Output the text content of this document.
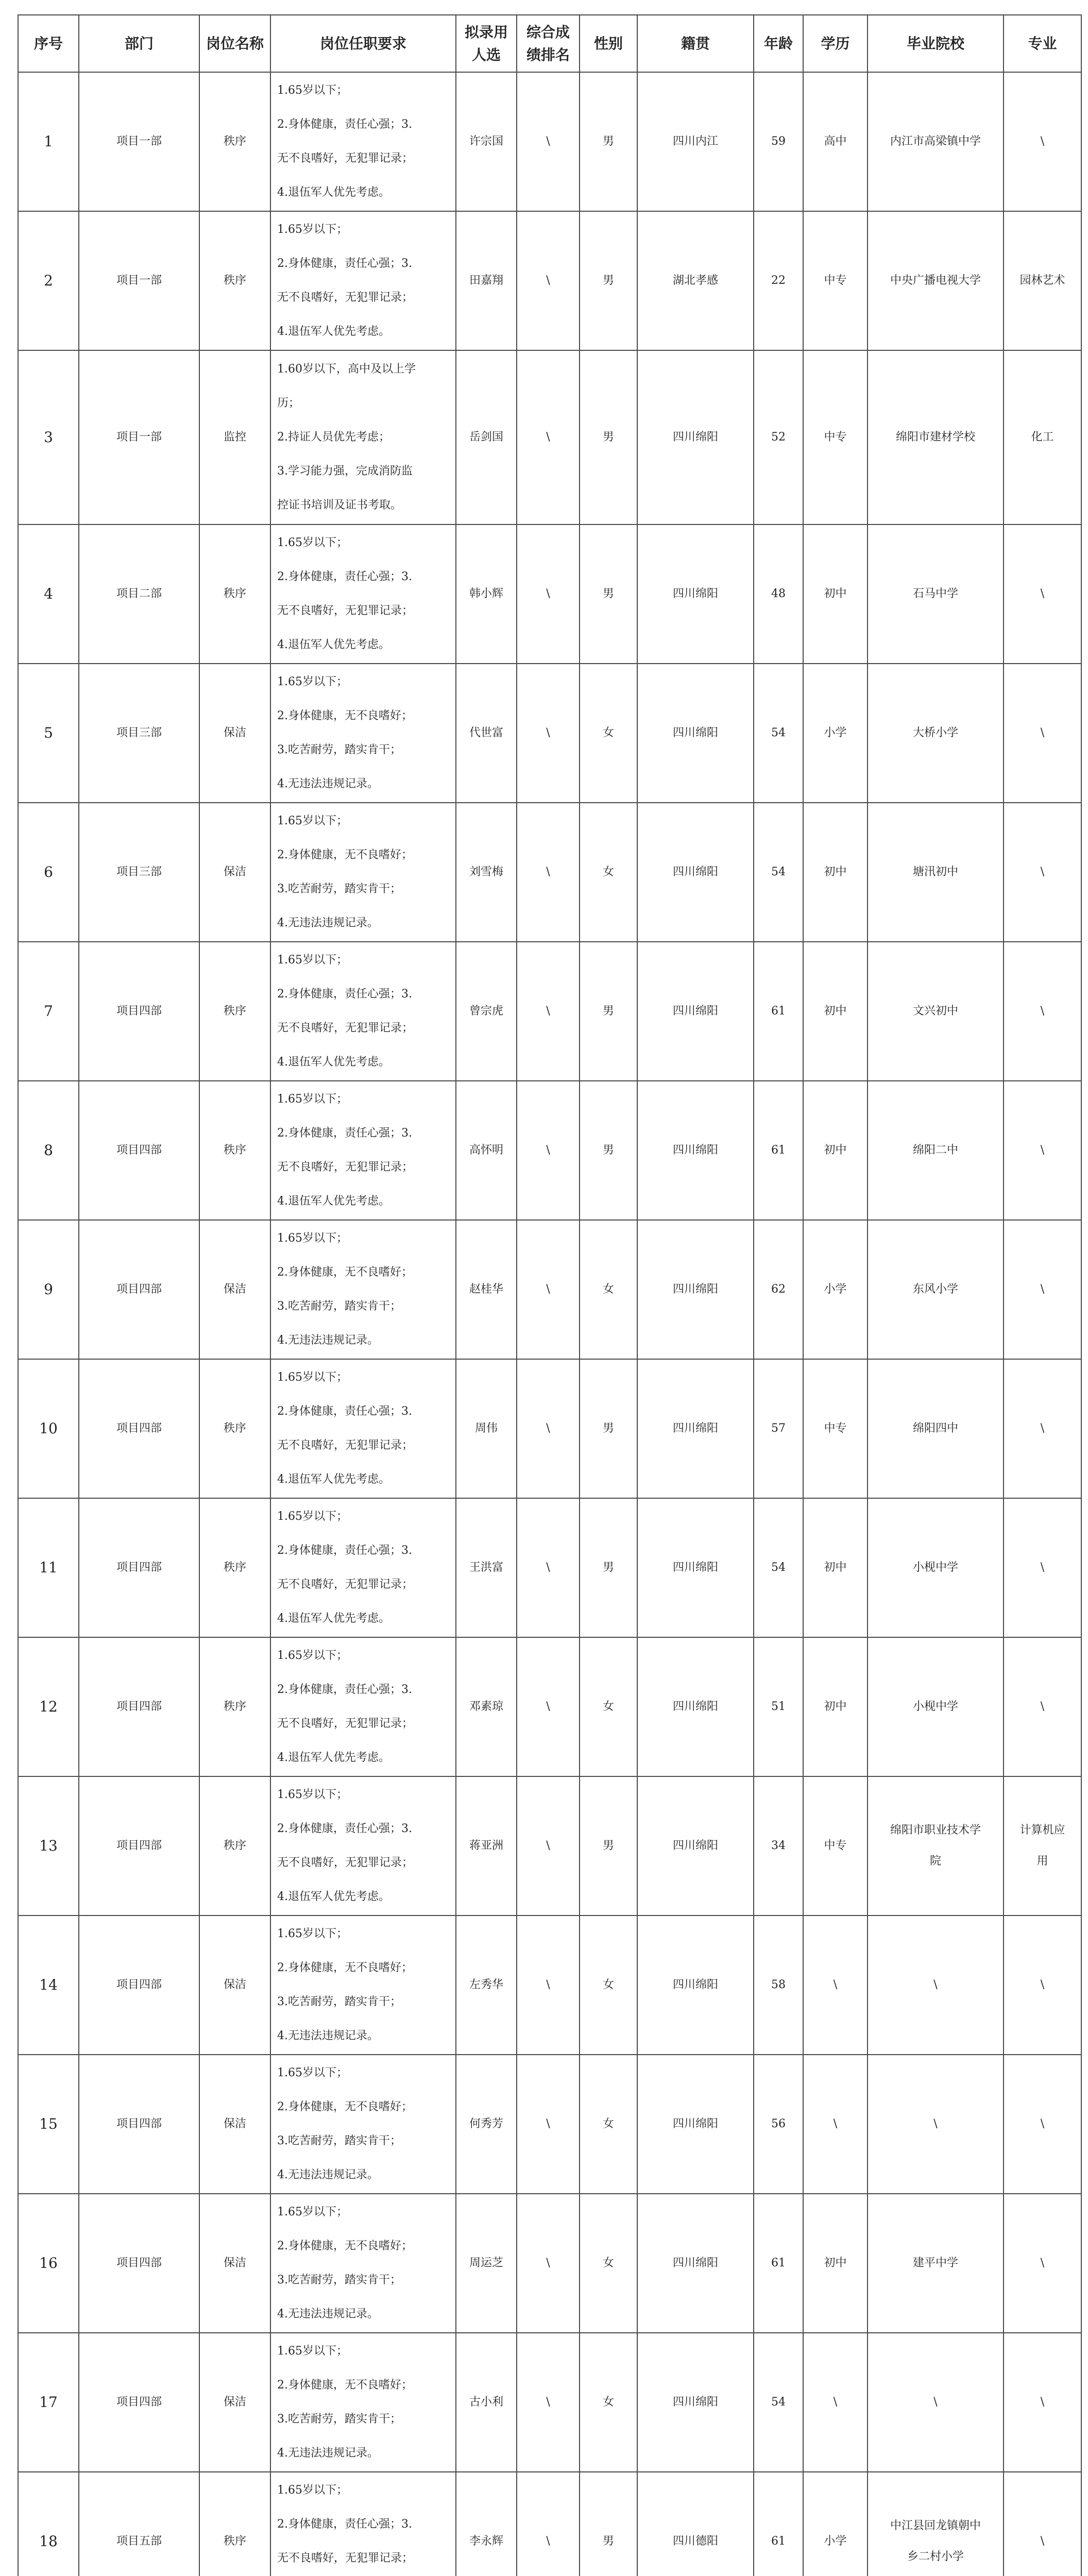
序号	部门	岗位名称	岗位任职要求	拟录用人选	综合成绩排名	性别	籍贯	年龄	学历	毕业院校	专业
1	项目一部	秩序	1.65岁以下；
2.身体健康，责任心强；3.
无不良嗜好，无犯罪记录；
4.退伍军人优先考虑。	许宗国	\	男	四川内江	59	高中	内江市高梁镇中学	\

2	项目一部	秩序	1.65岁以下；
2.身体健康，责任心强；3.
无不良嗜好，无犯罪记录；
4.退伍军人优先考虑。	田嘉翔	\	男	湖北孝感	22	中专	中央广播电视大学	园林艺术

3	项目一部	监控	1.60岁以下，高中及以上学
历；
2.持证人员优先考虑；
3.学习能力强，完成消防监
控证书培训及证书考取。	岳剑国	\	男	四川绵阳	52	中专	绵阳市建材学校	化工

4	项目二部	秩序	1.65岁以下；
2.身体健康，责任心强；3.
无不良嗜好，无犯罪记录；
4.退伍军人优先考虑。	韩小辉	\	男	四川绵阳	48	初中	石马中学	\

5	项目三部	保洁	1.65岁以下；
2.身体健康，无不良嗜好；
3.吃苦耐劳，踏实肯干；
4.无违法违规记录。	代世富	\	女	四川绵阳	54	小学	大桥小学	\

6	项目三部	保洁	1.65岁以下；
2.身体健康，无不良嗜好；
3.吃苦耐劳，踏实肯干；
4.无违法违规记录。	刘雪梅	\	女	四川绵阳	54	初中	塘汛初中	\

7	项目四部	秩序	1.65岁以下；
2.身体健康，责任心强；3.
无不良嗜好，无犯罪记录；
4.退伍军人优先考虑。	曾宗虎	\	男	四川绵阳	61	初中	文兴初中	\

8	项目四部	秩序	1.65岁以下；
2.身体健康，责任心强；3.
无不良嗜好，无犯罪记录；
4.退伍军人优先考虑。	高怀明	\	男	四川绵阳	61	初中	绵阳二中	\

9	项目四部	保洁	1.65岁以下；
2.身体健康，无不良嗜好；
3.吃苦耐劳，踏实肯干；
4.无违法违规记录。	赵桂华	\	女	四川绵阳	62	小学	东风小学	\

10	项目四部	秩序	1.65岁以下；
2.身体健康，责任心强；3.
无不良嗜好，无犯罪记录；
4.退伍军人优先考虑。	周伟	\	男	四川绵阳	57	中专	绵阳四中	\

11	项目四部	秩序	1.65岁以下；
2.身体健康，责任心强；3.
无不良嗜好，无犯罪记录；
4.退伍军人优先考虑。	王洪富	\	男	四川绵阳	54	初中	小枧中学	\

12	项目四部	秩序	1.65岁以下；
2.身体健康，责任心强；3.
无不良嗜好，无犯罪记录；
4.退伍军人优先考虑。	邓素琼	\	女	四川绵阳	51	初中	小枧中学	\

13	项目四部	秩序	1.65岁以下；
2.身体健康，责任心强；3.
无不良嗜好，无犯罪记录；
4.退伍军人优先考虑。	蒋亚洲	\	男	四川绵阳	34	中专	绵阳市职业技术学
院	计算机应
用

14	项目四部	保洁	1.65岁以下；
2.身体健康，无不良嗜好；
3.吃苦耐劳，踏实肯干；
4.无违法违规记录。	左秀华	\	女	四川绵阳	58	\	\	\

15	项目四部	保洁	1.65岁以下；
2.身体健康，无不良嗜好；
3.吃苦耐劳，踏实肯干；
4.无违法违规记录。	何秀芳	\	女	四川绵阳	56	\	\	\

16	项目四部	保洁	1.65岁以下；
2.身体健康，无不良嗜好；
3.吃苦耐劳，踏实肯干；
4.无违法违规记录。	周运芝	\	女	四川绵阳	61	初中	建平中学	\

17	项目四部	保洁	1.65岁以下；
2.身体健康，无不良嗜好；
3.吃苦耐劳，踏实肯干；
4.无违法违规记录。	古小利	\	女	四川绵阳	54	\	\	\

18	项目五部	秩序	1.65岁以下；
2.身体健康，责任心强；3.
无不良嗜好，无犯罪记录；	李永辉	\	男	四川德阳	61	小学	中江县回龙镇朝中
乡二村小学	\
